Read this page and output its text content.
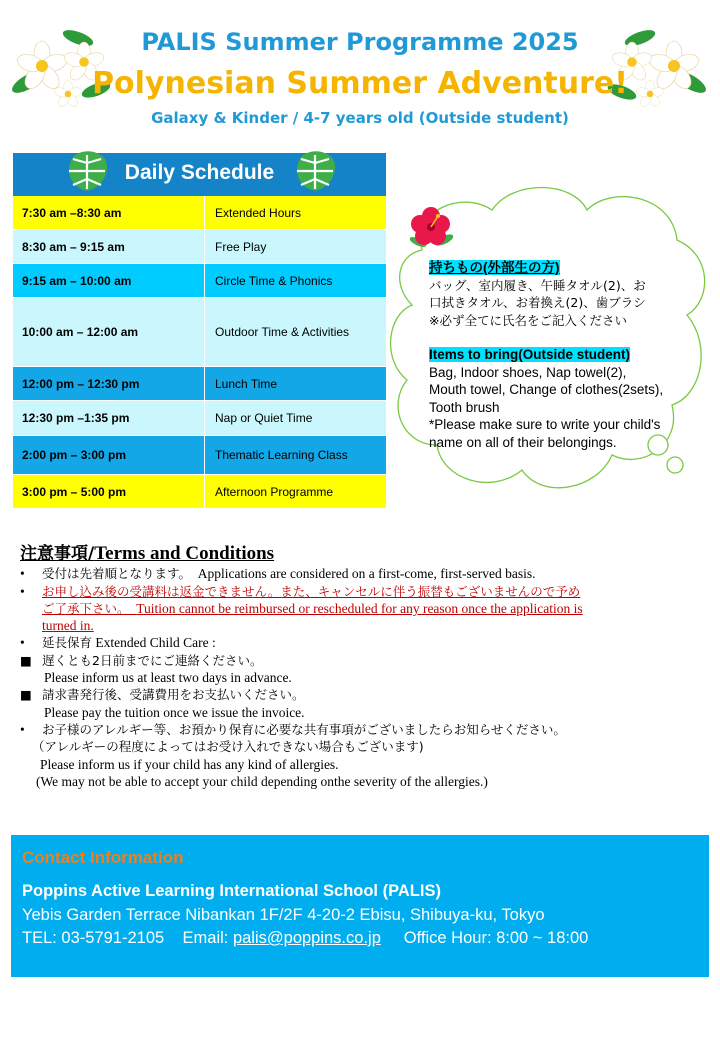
PALIS Summer Programme 2025
Polynesian Summer Adventure!
Galaxy & Kinder / 4-7 years old (Outside student)
Daily Schedule
7:30 am –8:30 am	Extended Hours
8:30 am – 9:15 am	Free Play
9:15 am – 10:00 am	Circle Time & Phonics
10:00 am – 12:00 am	Outdoor Time & Activities
12:00 pm – 12:30 pm	Lunch Time
12:30 pm –1:35 pm	Nap or Quiet Time
2:00 pm – 3:00 pm	Thematic Learning Class
3:00 pm – 5:00 pm	Afternoon Programme
持ちもの(外部生の方)
バッグ、室内履き、午睡タオル(2)、お
口拭きタオル、お着換え(2)、歯ブラシ
※必ず全てに氏名をご記入ください
Items to bring(Outside student)
Bag, Indoor shoes, Nap towel(2),
Mouth towel, Change of clothes(2sets),
Tooth brush
*Please make sure to write your child's
name on all of their belongings.
注意事項/Terms and Conditions
• 受付は先着順となります。 Applications are considered on a first-come, first-served basis.
• お申し込み後の受講料は返金できません。また、キャンセルに伴う振替もございませんので予め
ご了承下さい。 Tuition cannot be reimbursed or rescheduled for any reason once the application is
turned in.
• 延長保育 Extended Child Care :
■ 遅くとも2日前までにご連絡ください。
Please inform us at least two days in advance.
■ 請求書発行後、受講費用をお支払いください。
Please pay the tuition once we issue the invoice.
• お子様のアレルギー等、お預かり保育に必要な共有事項がございましたらお知らせください。
（アレルギーの程度によってはお受け入れできない場合もございます)
Please inform us if your child has any kind of allergies.
(We may not be able to accept your child depending onthe severity of the allergies.)
Contact Information
Poppins Active Learning International School (PALIS)
Yebis Garden Terrace Nibankan 1F/2F 4-20-2 Ebisu, Shibuya-ku, Tokyo
TEL: 03-5791-2105    Email: palis@poppins.co.jp     Office Hour: 8:00 ~ 18:00
